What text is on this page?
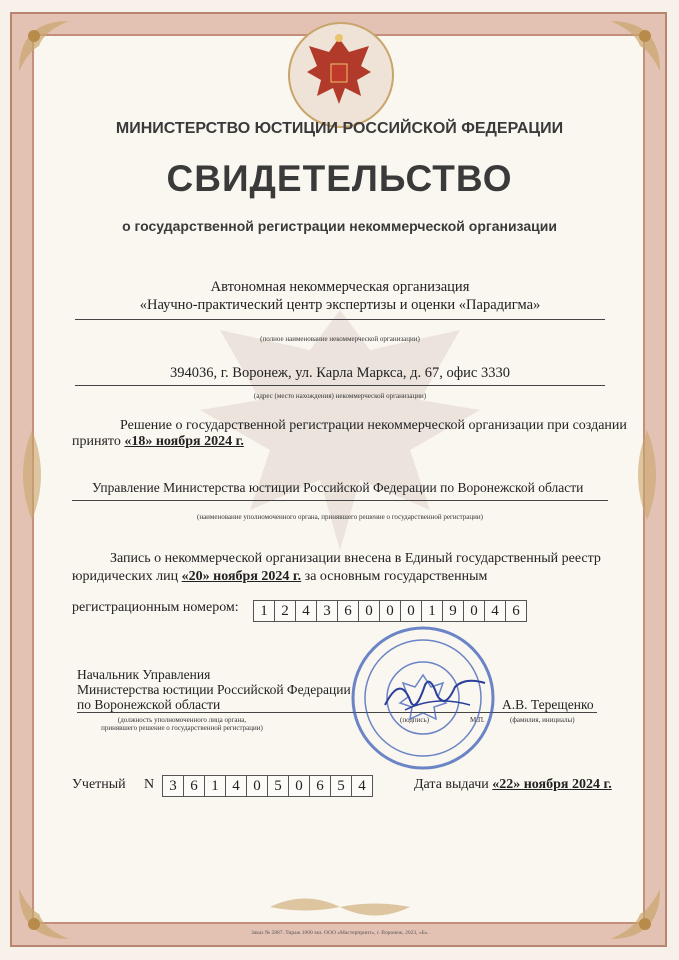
МИНИСТЕРСТВО ЮСТИЦИИ РОССИЙСКОЙ ФЕДЕРАЦИИ
СВИДЕТЕЛЬСТВО
о государственной регистрации некоммерческой организации
Автономная некоммерческая организация
«Научно-практический центр экспертизы и оценки «Парадигма»
(полное наименование некоммерческой организации)
394036, г. Воронеж, ул. Карла Маркса, д. 67, офис 3330
(адрес (место нахождения) некоммерческой организации)
Решение о государственной регистрации некоммерческой организации при создании
принято «18» ноября 2024 г.
Управление Министерства юстиции Российской Федерации по Воронежской области
(наименование уполномоченного органа, принявшего решение о государственной регистрации)
Запись о некоммерческой организации внесена в Единый государственный реестр
юридических лиц «20» ноября 2024 г. за основным государственным
регистрационным номером:	1 2 4 3 6 0 0 0 1 9 0 4 6
Начальник Управления
Министерства юстиции Российской Федерации
по Воронежской области
(должность уполномоченного лица органа,
принявшего решение о государственной регистрации)
(подпись)	М.П.
А.В. Терещенко
(фамилия, инициалы)
Учетный N	3 6 1 4 0 5 0 6 5 4	Дата выдачи «22» ноября 2024 г.
Заказ № 5887. Тираж 1000 экз. ООО «Мастерпринт», г. Воронеж, 2023, «Б».
